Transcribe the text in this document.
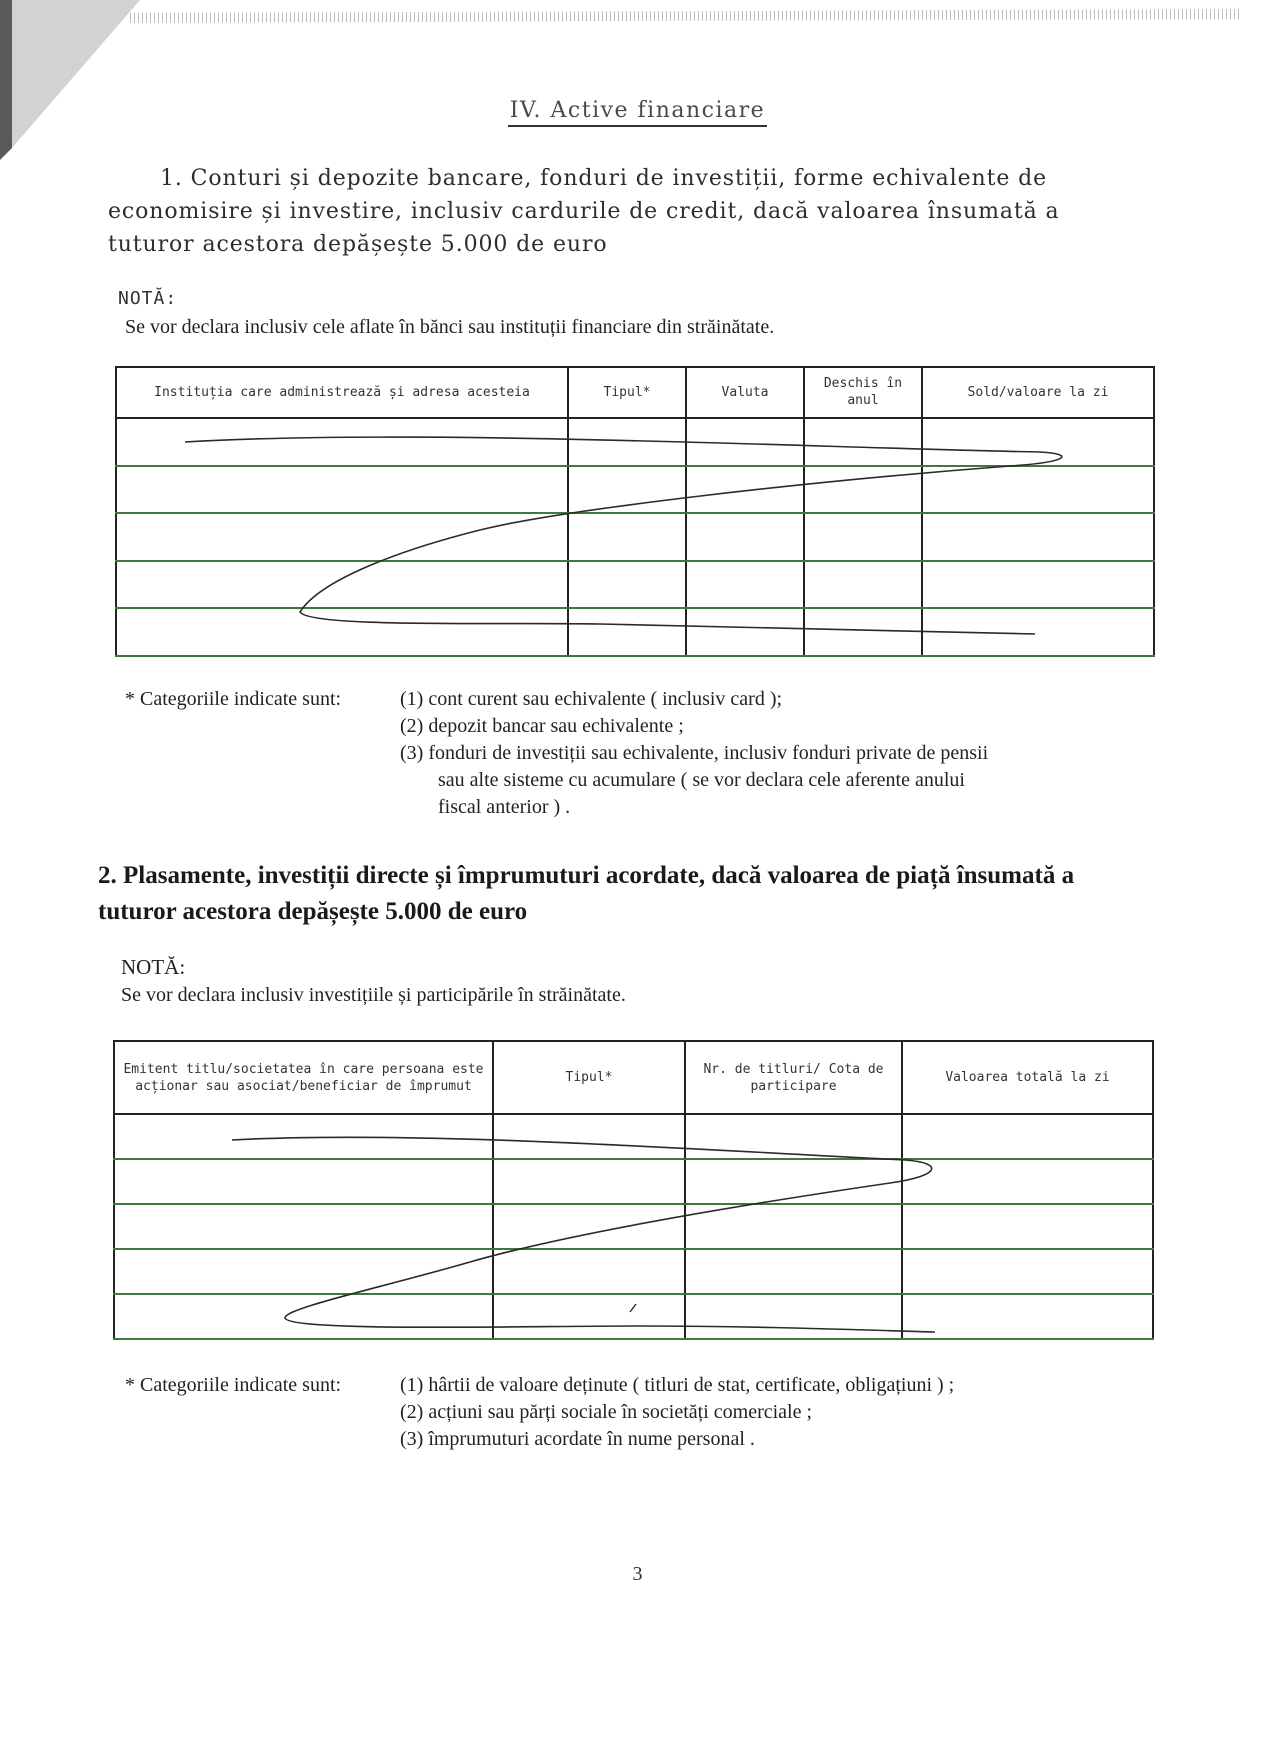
IV. Active financiare
1. Conturi și depozite bancare, fonduri de investiții, forme echivalente de economisire și investire, inclusiv cardurile de credit, dacă valoarea însumată a tuturor acestora depășește 5.000 de euro
NOTĂ:
Se vor declara inclusiv cele aflate în bănci sau instituții financiare din străinătate.
Instituția care administrează și adresa acesteia	Tipul*	Valuta	Deschis în anul	Sold/valoare la zi

* Categoriile indicate sunt:	(1) cont curent sau echivalente ( inclusiv card );
(2) depozit bancar sau echivalente ;
(3) fonduri de investiții sau echivalente, inclusiv fonduri private de pensii
sau alte sisteme cu acumulare ( se vor declara cele aferente anului
fiscal anterior ) .
2. Plasamente, investiții directe și împrumuturi acordate, dacă valoarea de piață însumată a tuturor acestora depășește 5.000 de euro
NOTĂ:
Se vor declara inclusiv investițiile și participările în străinătate.
Emitent titlu/societatea în care persoana este acționar sau asociat/beneficiar de împrumut	Tipul*	Nr. de titluri/ Cota de participare	Valoarea totală la zi

* Categoriile indicate sunt:	(1) hârtii de valoare deținute ( titluri de stat, certificate, obligațiuni ) ;
(2) acțiuni sau părți sociale în societăți comerciale ;
(3) împrumuturi acordate în nume personal .
3
